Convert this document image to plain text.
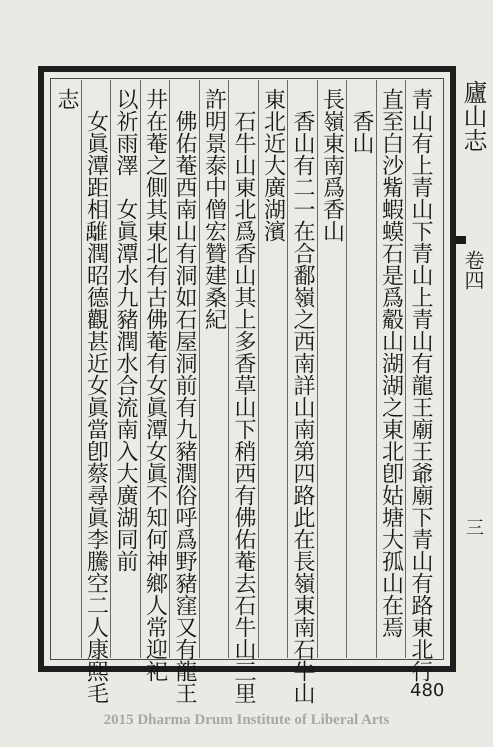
廬山志
卷四
三
青山有上青山下青山上青山有龍王廟王爺廟下青山有路東北行
直至白沙觜蝦蟆石是爲觳山湖湖之東北卽姑塘大孤山在焉
　香山
長嶺東南爲香山
　香山有二一在合鄱嶺之西南詳山南第四路此在長嶺東南石牛山
東北近大廣湖濱
　石牛山東北爲香山其上多香草山下稍西有佛佑菴去石牛山三里
許明景泰中僧宏贊建桑紀
　佛佑菴西南山有洞如石屋洞前有九豬潤俗呼爲野豬窪又有龍王
井在菴之側其東北有古佛菴有女眞潭女眞不知何神鄉人常迎祀
以祈雨澤　女眞潭水九豬潤水合流南入大廣湖同前
　女眞潭距相𩀌潤昭德觀甚近女眞當卽蔡尋眞李騰空二人康熙毛
志
480
2015 Dharma Drum Institute of Liberal Arts
